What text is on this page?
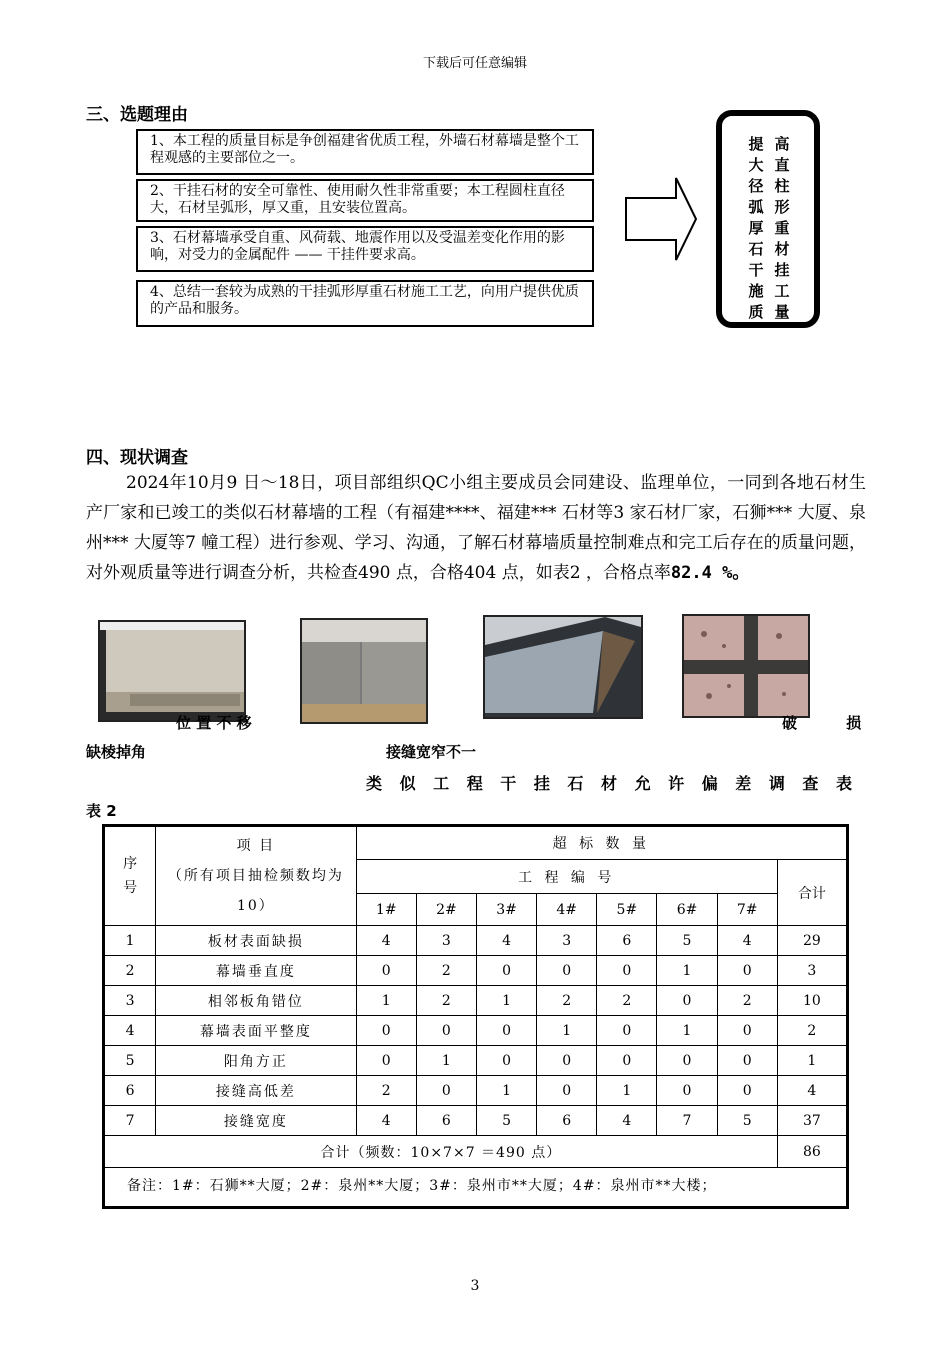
下载后可任意编辑
三、选题理由
1、本工程的质量目标是争创福建省优质工程，外墙石材幕墙是整个工程观感的主要部位之一。
2、干挂石材的安全可靠性、使用耐久性非常重要；本工程圆柱直径大，石材呈弧形，厚又重，且安装位置高。
3、石材幕墙承受自重、风荷载、地震作用以及受温差变化作用的影响，对受力的金属配件 —— 干挂件要求高。
4、总结一套较为成熟的干挂弧形厚重石材施工工艺，向用户提供优质的产品和服务。
提
大
径
弧
厚
石
干
施
质
高
直
柱
形
重
材
挂
工
量
四、现状调查
2024年10月9 日～18日，项目部组织QC小组主要成员会同建设、监理单位，一同到各地石材生产厂家和已竣工的类似石材幕墙的工程（有福建****、福建*** 石材等3 家石材厂家，石狮*** 大厦、泉州*** 大厦等7 幢工程）进行参观、学习、沟通，了解石材幕墙质量控制难点和完工后存在的质量问题，对外观质量等进行调查分析，共检查490 点，合格404 点，如表2 ，合格点率82.4 %。
位 置 不 移	破 损
缺棱掉角	接缝宽窄不一
类 似 工 程 干 挂 石 材 允 许 偏 差 调 查 表
表 2
序号	项 目
（所有项目抽检频数均为10）	超 标 数 量							
		工 程 编 号							合计
		1#	2#	3#	4#	5#	6#	7#	
1	板材表面缺损	4	3	4	3	6	5	4	29
2	幕墙垂直度	0	2	0	0	0	1	0	3
3	相邻板角错位	1	2	1	2	2	0	2	10
4	幕墙表面平整度	0	0	0	1	0	1	0	2
5	阳角方正	0	1	0	0	0	0	0	1
6	接缝高低差	2	0	1	0	1	0	0	4
7	接缝宽度	4	6	5	6	4	7	5	37
合计（频数：10×7×7 ＝490 点）									86
备注：1#：石狮**大厦；2#：泉州**大厦；3#：泉州市**大厦；4#：泉州市**大楼；									
3
